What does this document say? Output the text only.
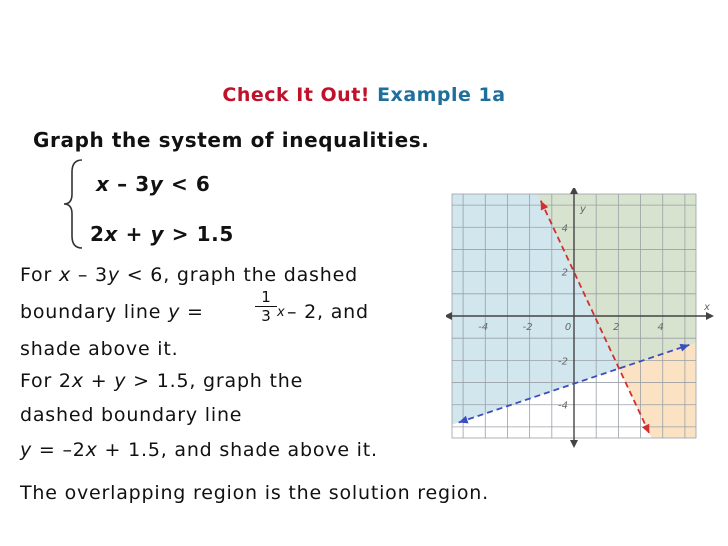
Check It Out! Example 1a
Graph the system of inequalities.
x – 3y < 6
2x + y > 1.5
For x – 3y < 6, graph the dashed
boundary line y =	$\frac{1}{3}$ x – 2, and
shade above it.
For 2x + y > 1.5, graph the
dashed boundary line
y = –2x + 1.5, and shade above it.
The overlapping region is the solution region.
-4	-2	0	2	4
4
2
-2
-4
x
y
